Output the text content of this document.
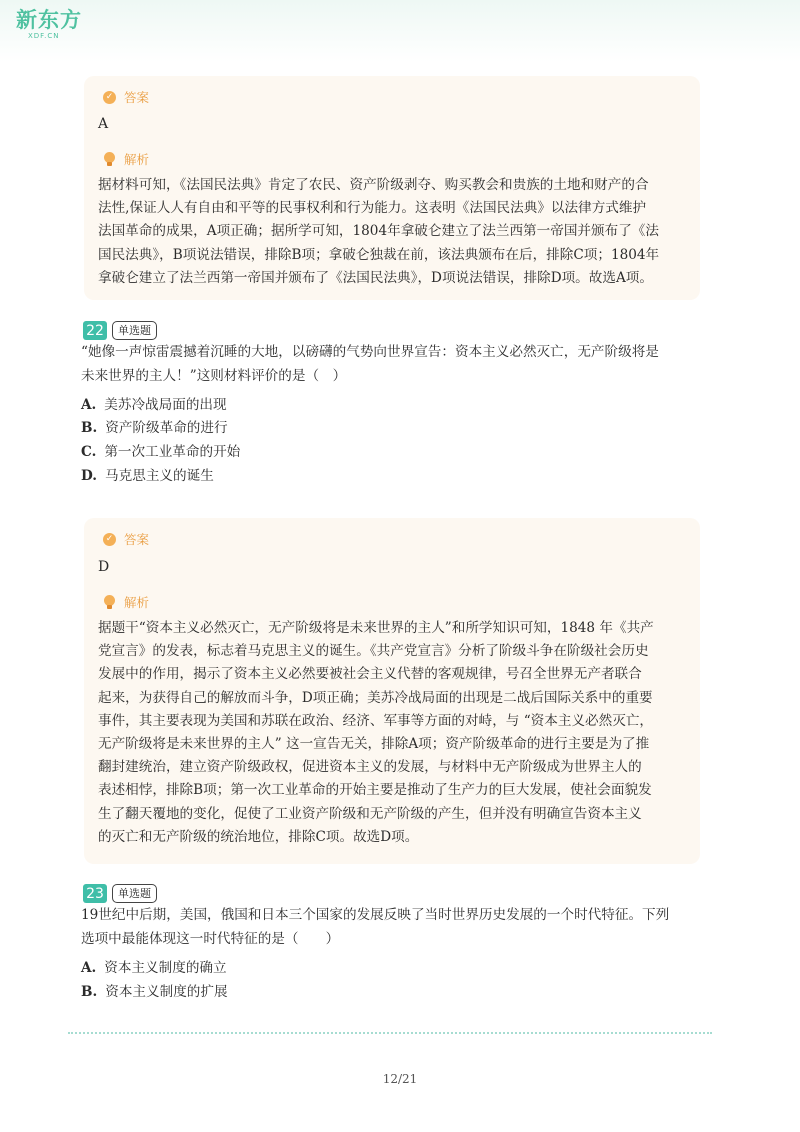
新东方
XDF.CN
✓ 答案
A
解析

据材料可知，《法国民法典》肯定了农民、资产阶级剥夺、购买教会和贵族的土地和财产的合
法性,保证人人有自由和平等的民事权利和行为能力。这表明《法国民法典》以法律方式维护
法国革命的成果，A项正确；据所学可知，1804年拿破仑建立了法兰西第一帝国并颁布了《法
国民法典》，B项说法错误，排除B项；拿破仑独裁在前，该法典颁布在后，排除C项；1804年
拿破仑建立了法兰西第一帝国并颁布了《法国民法典》，D项说法错误，排除D项。故选A项。

22	单选题

“她像一声惊雷震撼着沉睡的大地，以磅礴的气势向世界宣告：资本主义必然灭亡，无产阶级将是
未来世界的主人！”这则材料评价的是（　）

A. 美苏冷战局面的出现
B. 资产阶级革命的进行
C. 第一次工业革命的开始
D. 马克思主义的诞生
✓ 答案
D
解析

据题干“资本主义必然灭亡，无产阶级将是未来世界的主人”和所学知识可知，1848 年《共产
党宣言》的发表，标志着马克思主义的诞生。《共产党宣言》分析了阶级斗争在阶级社会历史
发展中的作用，揭示了资本主义必然要被社会主义代替的客观规律，号召全世界无产者联合
起来，为获得自己的解放而斗争，D项正确；美苏冷战局面的出现是二战后国际关系中的重要
事件，其主要表现为美国和苏联在政治、经济、军事等方面的对峙，与 “资本主义必然灭亡，
无产阶级将是未来世界的主人” 这一宣告无关，排除A项；资产阶级革命的进行主要是为了推
翻封建统治，建立资产阶级政权，促进资本主义的发展，与材料中无产阶级成为世界主人的
表述相悖，排除B项；第一次工业革命的开始主要是推动了生产力的巨大发展，使社会面貌发
生了翻天覆地的变化，促使了工业资产阶级和无产阶级的产生，但并没有明确宣告资本主义
的灭亡和无产阶级的统治地位，排除C项。故选D项。

23	单选题

19世纪中后期，美国，俄国和日本三个国家的发展反映了当时世界历史发展的一个时代特征。下列
选项中最能体现这一时代特征的是（　　）

A. 资本主义制度的确立
B. 资本主义制度的扩展
12/21
